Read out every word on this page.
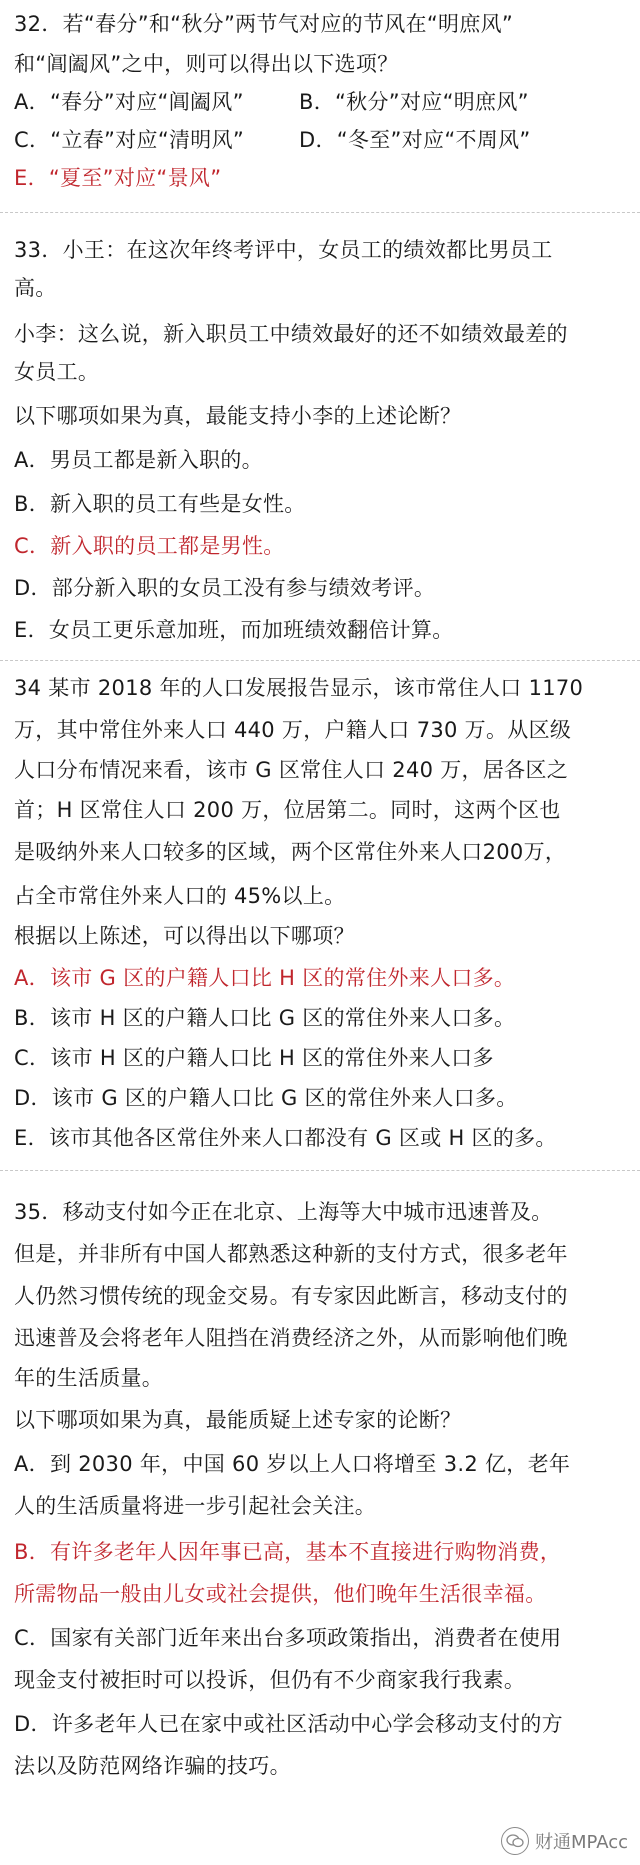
32．若“春分”和“秋分”两节气对应的节风在“明庶风”
和“阊阖风”之中，则可以得出以下选项？
A．“春分”对应“阊阖风”	B．“秋分”对应“明庶风”
C．“立春”对应“清明风”	D．“冬至”对应“不周风”
E．“夏至”对应“景风”
33．小王：在这次年终考评中，女员工的绩效都比男员工
高。
小李：这么说，新入职员工中绩效最好的还不如绩效最差的
女员工。
以下哪项如果为真，最能支持小李的上述论断？
A．男员工都是新入职的。
B．新入职的员工有些是女性。
C．新入职的员工都是男性。
D．部分新入职的女员工没有参与绩效考评。
E．女员工更乐意加班，而加班绩效翻倍计算。
34 某市 2018 年的人口发展报告显示，该市常住人口 1170
万，其中常住外来人口 440 万，户籍人口 730 万。从区级
人口分布情况来看，该市 G 区常住人口 240 万，居各区之
首；H 区常住人口 200 万，位居第二。同时，这两个区也
是吸纳外来人口较多的区域，两个区常住外来人口200万，
占全市常住外来人口的 45%以上。
根据以上陈述，可以得出以下哪项？
A．该市 G 区的户籍人口比 H 区的常住外来人口多。
B．该市 H 区的户籍人口比 G 区的常住外来人口多。
C．该市 H 区的户籍人口比 H 区的常住外来人口多
D．该市 G 区的户籍人口比 G 区的常住外来人口多。
E．该市其他各区常住外来人口都没有 G 区或 H 区的多。
35．移动支付如今正在北京、上海等大中城市迅速普及。
但是，并非所有中国人都熟悉这种新的支付方式，很多老年
人仍然习惯传统的现金交易。有专家因此断言，移动支付的
迅速普及会将老年人阻挡在消费经济之外，从而影响他们晚
年的生活质量。
以下哪项如果为真，最能质疑上述专家的论断？
A．到 2030 年，中国 60 岁以上人口将增至 3.2 亿，老年
人的生活质量将进一步引起社会关注。
B．有许多老年人因年事已高，基本不直接进行购物消费，
所需物品一般由儿女或社会提供，他们晚年生活很幸福。
C．国家有关部门近年来出台多项政策指出，消费者在使用
现金支付被拒时可以投诉，但仍有不少商家我行我素。
D．许多老年人已在家中或社区活动中心学会移动支付的方
法以及防范网络诈骗的技巧。
财通MPAcc
